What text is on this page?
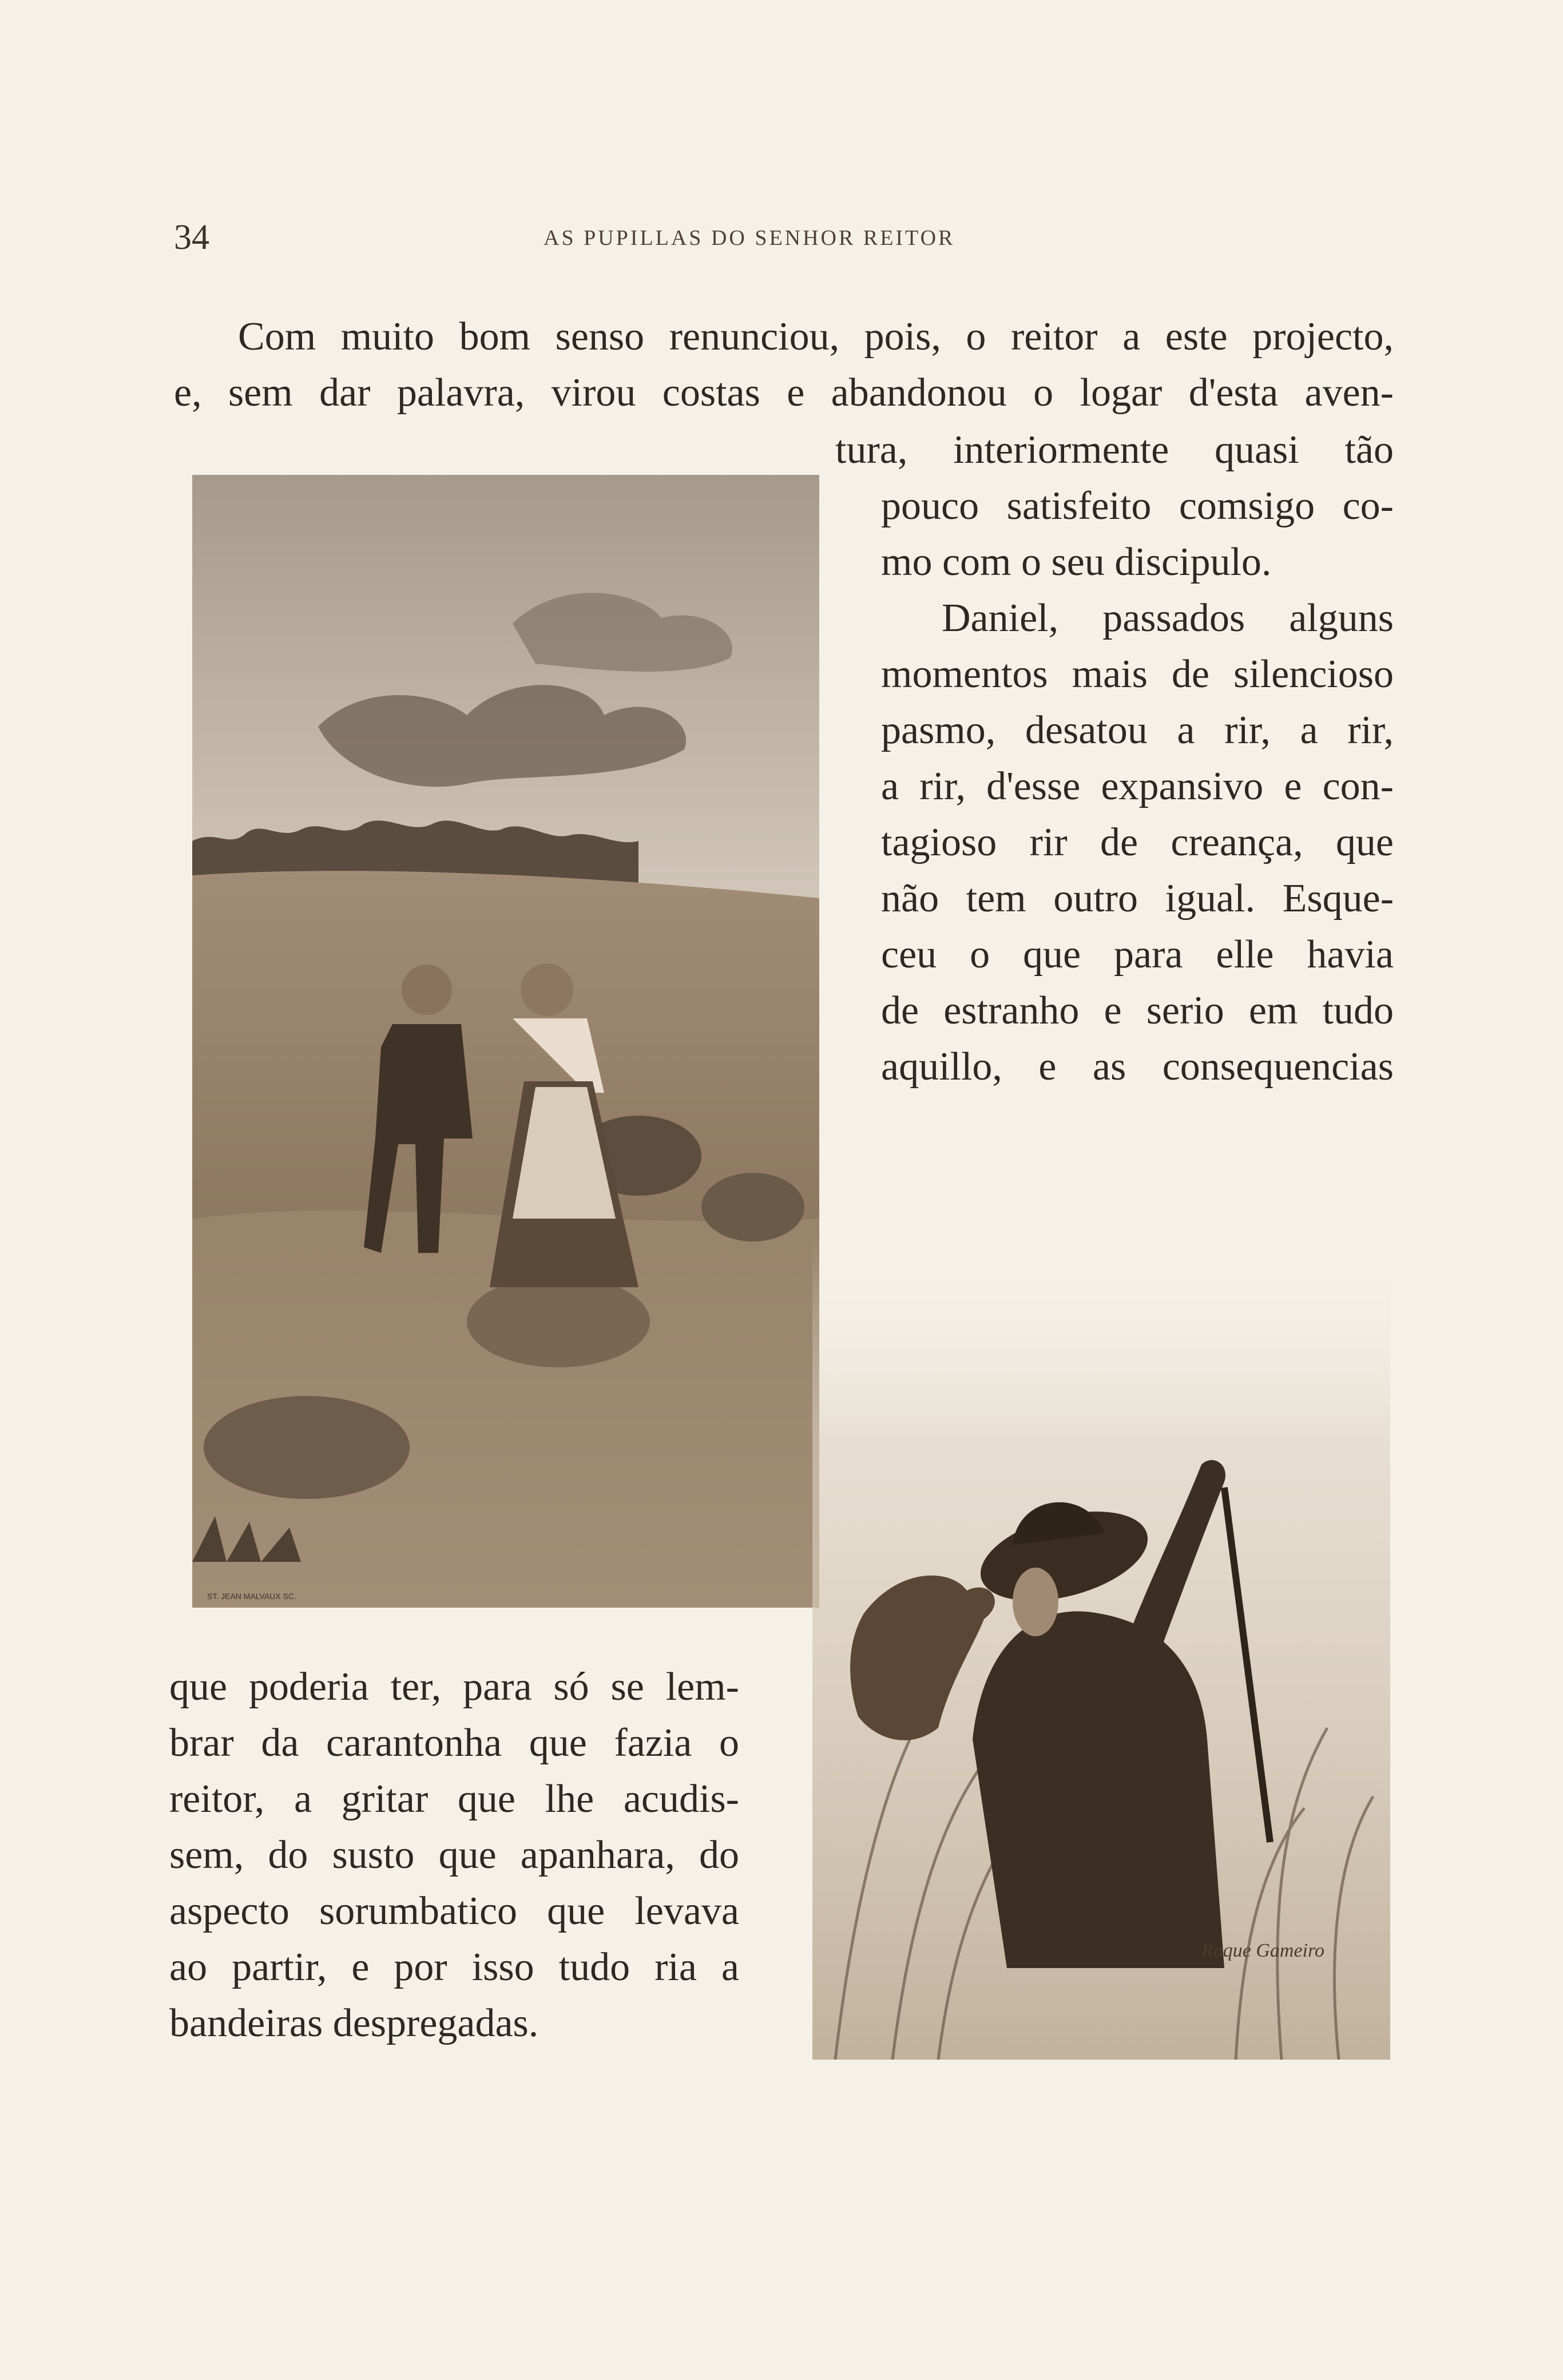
34	AS PUPILLAS DO SENHOR REITOR
Com muito bom senso renunciou, pois, o reitor a este projecto,
e, sem dar palavra, virou costas e abandonou o logar d'esta aven-
tura, interiormente quasi tão
pouco satisfeito comsigo co-
mo com o seu discipulo.
Daniel, passados alguns
momentos mais de silencioso
pasmo, desatou a rir, a rir,
a rir, d'esse expansivo e con-
tagioso rir de creança, que
não tem outro igual. Esque-
ceu o que para elle havia
de estranho e serio em tudo
aquillo, e as consequencias
que poderia ter, para só se lem-
brar da carantonha que fazia o
reitor, a gritar que lhe acudis-
sem, do susto que apanhara, do
aspecto sorumbatico que levava
ao partir, e por isso tudo ria a
bandeiras despregadas.
ST. JEAN MALVAUX SC.
Roque Gameiro
